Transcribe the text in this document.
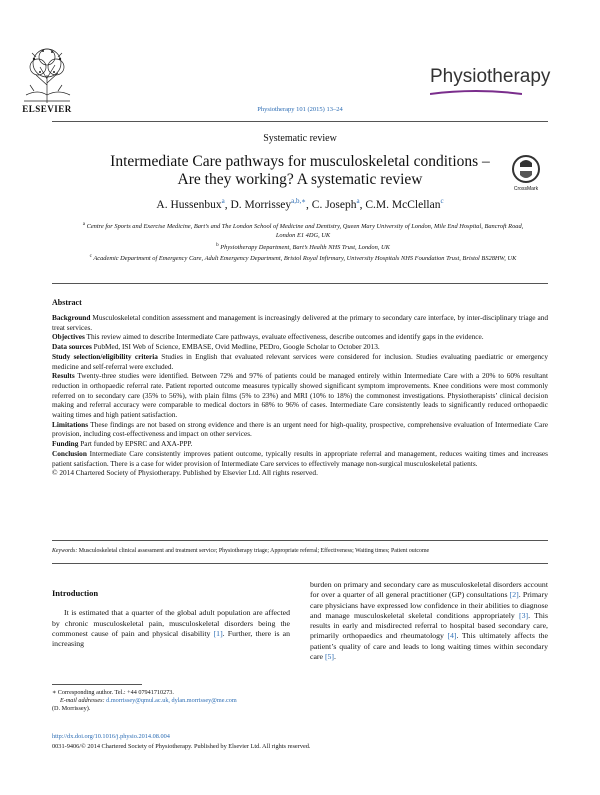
ELSEVIER	Physiotherapy 101 (2015) 13–24
Physiotherapy
Systematic review
Intermediate Care pathways for musculoskeletal conditions –
Are they working? A systematic review
CrossMark
A. Hussenbux$^a$, D. Morrissey$^{a,b,∗}$, C. Joseph$^a$, C.M. McClellan$^c$
$^a$ Centre for Sports and Exercise Medicine, Bart’s and The London School of Medicine and Dentistry, Queen Mary University of London, Mile End Hospital, Bancroft Road, London E1 4DG, UK
$^b$ Physiotherapy Department, Bart’s Health NHS Trust, London, UK
$^c$ Academic Department of Emergency Care, Adult Emergency Department, Bristol Royal Infirmary, University Hospitals NHS Foundation Trust, Bristol BS28HW, UK
Abstract

Background Musculoskeletal condition assessment and management is increasingly delivered at the primary to secondary care interface, by inter-disciplinary triage and treat services.

Objectives This review aimed to describe Intermediate Care pathways, evaluate effectiveness, describe outcomes and identify gaps in the evidence.

Data sources PubMed, ISI Web of Science, EMBASE, Ovid Medline, PEDro, Google Scholar to October 2013.

Study selection/eligibility criteria Studies in English that evaluated relevant services were considered for inclusion. Studies evaluating paediatric or emergency medicine and self-referral were excluded.

Results Twenty-three studies were identified. Between 72% and 97% of patients could be managed entirely within Intermediate Care with a 20% to 60% resultant reduction in orthopaedic referral rate. Patient reported outcome measures typically showed significant symptom improvements. Knee conditions were most commonly referred on to secondary care (35% to 56%), with plain films (5% to 23%) and MRI (10% to 18%) the commonest investigations. Physiotherapists’ clinical decision making and referral accuracy were comparable to medical doctors in 68% to 96% of cases. Intermediate Care consistently leads to significantly reduced orthopaedic waiting times and high patient satisfaction.

Limitations These findings are not based on strong evidence and there is an urgent need for high-quality, prospective, comprehensive evaluation of Intermediate Care provision, including cost-effectiveness and impact on other services.

Funding Part funded by EPSRC and AXA-PPP.

Conclusion Intermediate Care consistently improves patient outcome, typically results in appropriate referral and management, reduces waiting times and increases patient satisfaction. There is a case for wider provision of Intermediate Care services to effectively manage non-surgical musculoskeletal patients.

© 2014 Chartered Society of Physiotherapy. Published by Elsevier Ltd. All rights reserved.

Keywords: Musculoskeletal clinical assessment and treatment service; Physiotherapy triage; Appropriate referral; Effectiveness; Waiting times; Patient outcome

Introduction

It is estimated that a quarter of the global adult population are affected by chronic musculoskeletal pain, musculoskeletal disorders being the commonest cause of pain and physical disability [1]. Further, there is an increasing

burden on primary and secondary care as musculoskeletal disorders account for over a quarter of all general practitioner (GP) consultations [2]. Primary care physicians have expressed low confidence in their abilities to diagnose and manage musculoskeletal skeletal conditions appropriately [3]. This results in early and misdirected referral to hospital based secondary care, primarily orthopaedics and rheumatology [4]. This ultimately affects the patient’s quality of care and leads to long waiting times within secondary care [5].

∗ Corresponding author. Tel.: +44 07941710273.
E-mail addresses: d.morrissey@qmul.ac.uk, dylan.morrissey@me.com
(D. Morrissey).
http://dx.doi.org/10.1016/j.physio.2014.08.004
0031-9406/© 2014 Chartered Society of Physiotherapy. Published by Elsevier Ltd. All rights reserved.
